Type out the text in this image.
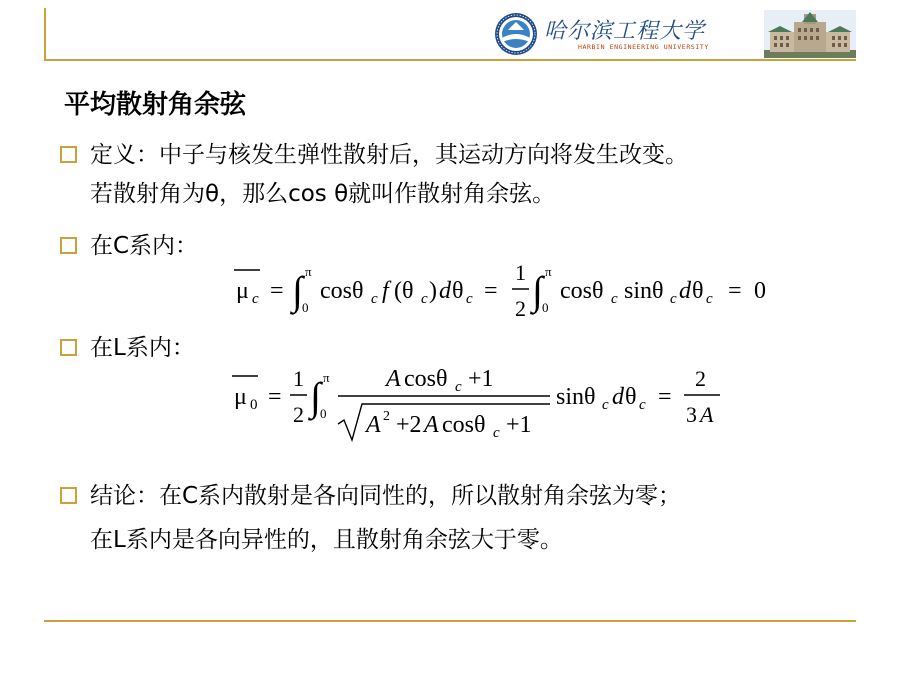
哈尔滨工程大学
HARBIN ENGINEERING UNIVERSITY
平均散射角余弦
定义：中子与核发生弹性散射后，其运动方向将发生改变。
若散射角为θ，那么cos θ就叫作散射角余弦。
在C系内：
μ c = ∫ π
0
cosθ c f (θ c ) d θ c =
1
2 ∫ π
0
cosθ c sinθ c d θ c = 0
在L系内：
μ 0 =
1
2 ∫ π
0
A cosθ c +1
A 2 +2 A cosθ c +1
sinθ c d θ c =
2
3 A
结论：在C系内散射是各向同性的，所以散射角余弦为零；
在L系内是各向异性的，且散射角余弦大于零。
